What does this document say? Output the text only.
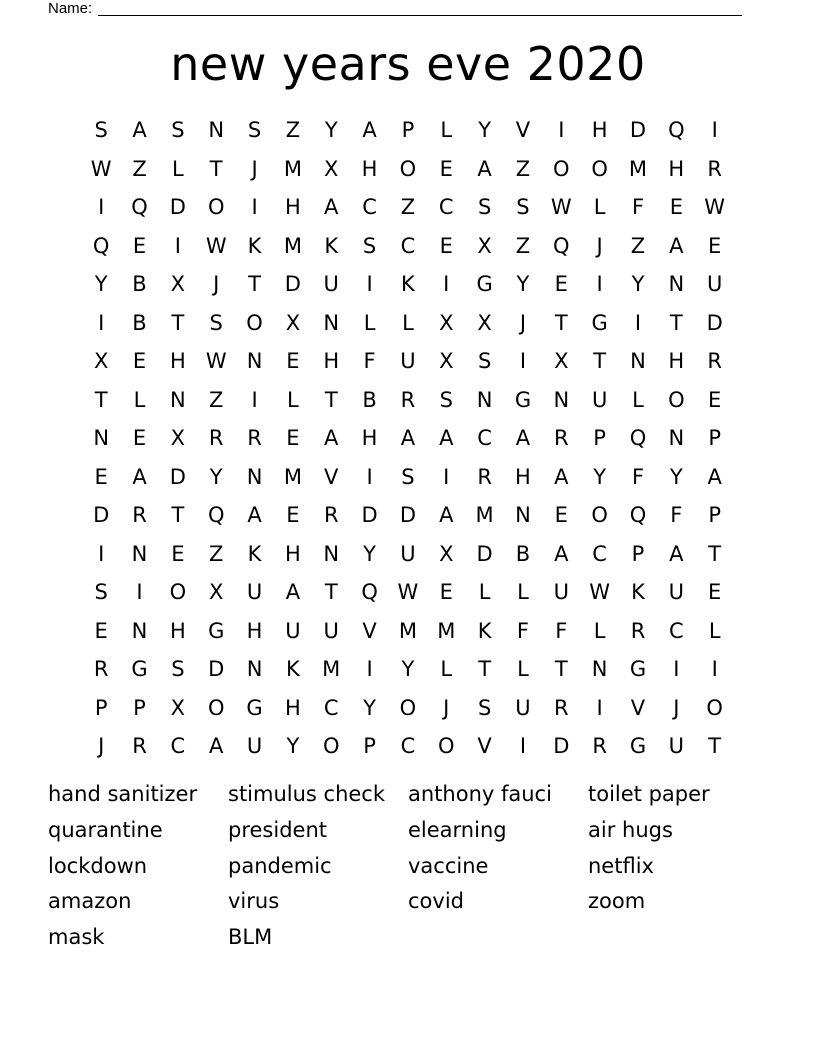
Name:
new years eve 2020
S	A	S	N	S	Z	Y	A	P	L	Y	V	I	H	D	Q	I
W Z	L	T	J	M	X	H	O	E	A	Z	O	O	M	H	R
I	Q	D	O	I	H	A	C	Z	C	S	S	W	L	F	E	W
Q	E	I	W	K	M	K	S	C	E	X	Z	Q	J	Z	A	E
Y	B	X	J	T	D	U	I	K	I	G	Y	E	I	Y	N	U
I	B	T	S	O	X	N	L	L	X	X	J	T	G	I	T	D
X	E	H W N	E	H	F	U	X	S	I	X	T	N	H	R
T	L	N	Z	I	L	T	B	R	S	N	G	N	U	L	O	E
N	E	X	R	R	E	A	H	A	A	C	A	R	P	Q	N	P
E	A	D	Y	N	M	V	I	S	I	R	H	A	Y	F	Y	A
D	R	T	Q	A	E	R	D	D	A	M	N	E	O	Q	F	P
I	N	E	Z	K	H	N	Y	U	X	D	B	A	C	P	A	T
S	I	O	X	U	A	T	Q W	E	L	L	U W	K	U	E
E	N	H	G	H	U	U	V	M M	K	F	F	L	R	C	L
R	G	S	D	N	K	M	I	Y	L	T	L	T	N	G	I	I
P	P	X	O	G	H	C	Y	O	J	S	U	R	I	V	J	O
J	R	C	A	U	Y	O	P	C	O	V	I	D	R	G	U	T
hand sanitizer	stimulus check	anthony fauci	toilet paper
quarantine	president	elearning	air hugs
lockdown	pandemic	vaccine	netflix
amazon	virus	covid	zoom
mask	BLM
